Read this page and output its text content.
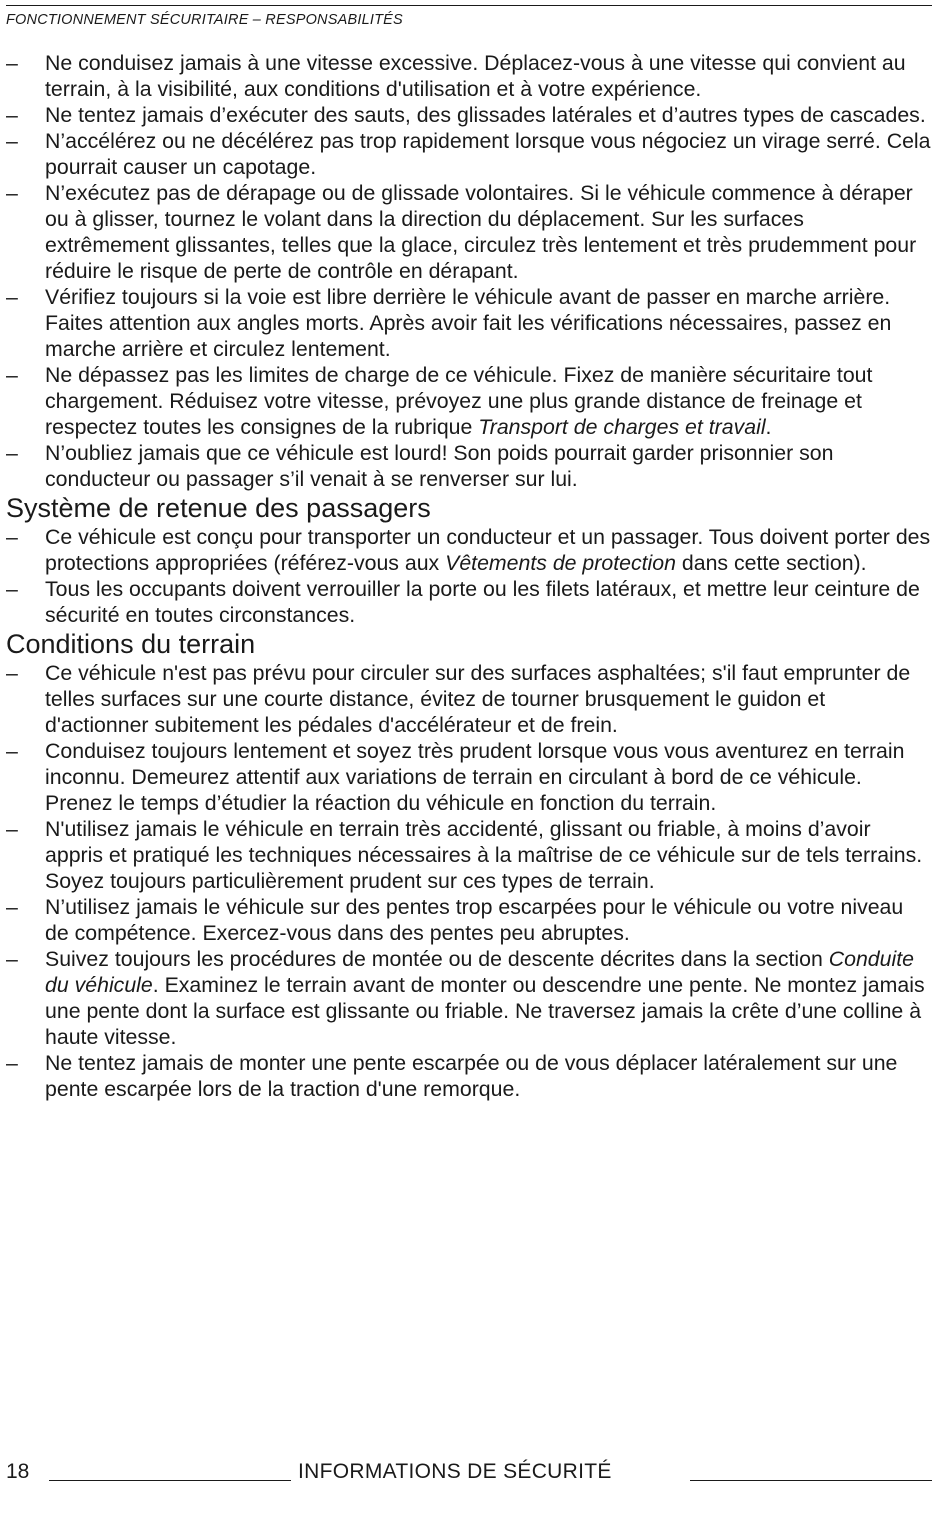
FONCTIONNEMENT SÉCURITAIRE – RESPONSABILITÉS
– Ne conduisez jamais à une vitesse excessive. Déplacez-vous à une vitesse qui convient au terrain, à la visibilité, aux conditions d'utilisation et à votre expérience.
– Ne tentez jamais d’exécuter des sauts, des glissades latérales et d’autres types de cascades.
– N’accélérez ou ne décélérez pas trop rapidement lorsque vous négociez un virage serré. Cela pourrait causer un capotage.
– N’exécutez pas de dérapage ou de glissade volontaires. Si le véhicule commence à déraper ou à glisser, tournez le volant dans la direction du déplacement. Sur les surfaces extrêmement glissantes, telles que la glace, circulez très lentement et très prudemment pour réduire le risque de perte de contrôle en dérapant.
– Vérifiez toujours si la voie est libre derrière le véhicule avant de passer en marche arrière. Faites attention aux angles morts. Après avoir fait les vérifications nécessaires, passez en marche arrière et circulez lentement.
– Ne dépassez pas les limites de charge de ce véhicule. Fixez de manière sécuritaire tout chargement. Réduisez votre vitesse, prévoyez une plus grande distance de freinage et respectez toutes les consignes de la rubrique Transport de charges et travail.
– N’oubliez jamais que ce véhicule est lourd! Son poids pourrait garder prisonnier son conducteur ou passager s’il venait à se renverser sur lui.
Système de retenue des passagers
– Ce véhicule est conçu pour transporter un conducteur et un passager. Tous doivent porter des protections appropriées (référez-vous aux Vêtements de protection dans cette section).
– Tous les occupants doivent verrouiller la porte ou les filets latéraux, et mettre leur ceinture de sécurité en toutes circonstances.
Conditions du terrain
– Ce véhicule n'est pas prévu pour circuler sur des surfaces asphaltées; s'il faut emprunter de telles surfaces sur une courte distance, évitez de tourner brusquement le guidon et d'actionner subitement les pédales d'accélérateur et de frein.
– Conduisez toujours lentement et soyez très prudent lorsque vous vous aventurez en terrain inconnu. Demeurez attentif aux variations de terrain en circulant à bord de ce véhicule. Prenez le temps d’étudier la réaction du véhicule en fonction du terrain.
– N'utilisez jamais le véhicule en terrain très accidenté, glissant ou friable, à moins d’avoir appris et pratiqué les techniques nécessaires à la maîtrise de ce véhicule sur de tels terrains. Soyez toujours particulièrement prudent sur ces types de terrain.
– N’utilisez jamais le véhicule sur des pentes trop escarpées pour le véhicule ou votre niveau de compétence. Exercez-vous dans des pentes peu abruptes.
– Suivez toujours les procédures de montée ou de descente décrites dans la section Conduite du véhicule. Examinez le terrain avant de monter ou descendre une pente. Ne montez jamais une pente dont la surface est glissante ou friable. Ne traversez jamais la crête d’une colline à haute vitesse.
– Ne tentez jamais de monter une pente escarpée ou de vous déplacer latéralement sur une pente escarpée lors de la traction d'une remorque.
18	INFORMATIONS DE SÉCURITÉ
